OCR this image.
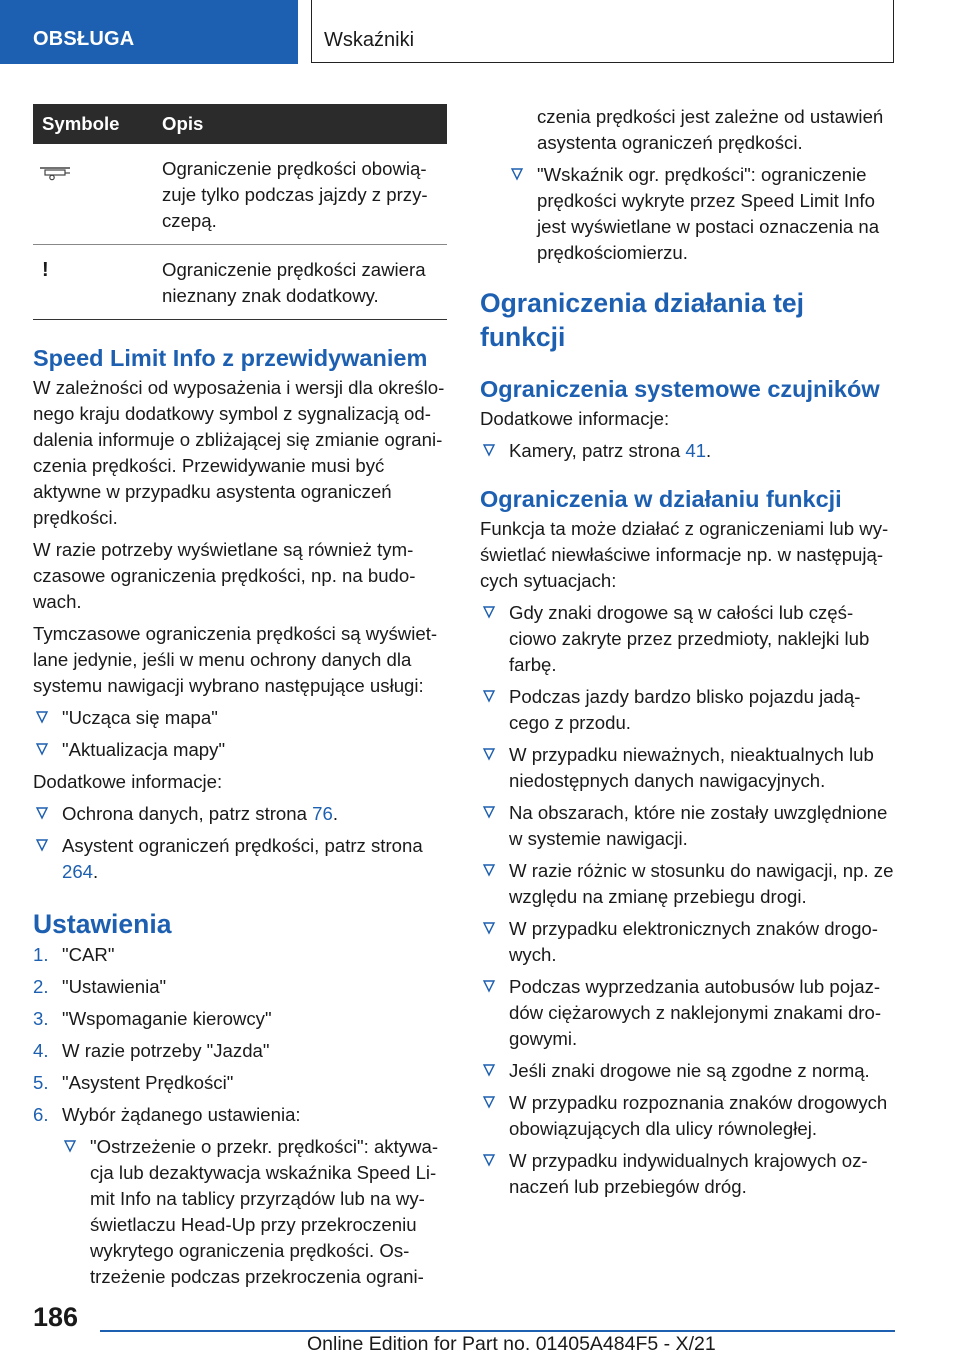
OBSŁUGA	Wskaźniki
Symbole	Opis
	Ograniczenie prędkości obowią- zuje tylko podczas jajzdy z przy- czepą.
!	Ograniczenie prędkości zawiera nieznany znak dodatkowy.
Speed Limit Info z przewidywaniem

W zależności od wyposażenia i wersji dla określo- nego kraju dodatkowy symbol z sygnalizacją od- dalenia informuje o zbliżającej się zmianie ograni- czenia prędkości. Przewidywanie musi być aktywne w przypadku asystenta ograniczeń prędkości.

W razie potrzeby wyświetlane są również tym- czasowe ograniczenia prędkości, np. na budo- wach.

Tymczasowe ograniczenia prędkości są wyświet- lane jedynie, jeśli w menu ochrony danych dla systemu nawigacji wybrano następujące usługi:

"Ucząca się mapa"
"Aktualizacja mapy"

Dodatkowe informacje:

Ochrona danych, patrz strona 76.
Asystent ograniczeń prędkości, patrz strona 264.
Ustawienia
1. "CAR"
2. "Ustawienia"
3. "Wspomaganie kierowcy"
4. W razie potrzeby "Jazda"
5. "Asystent Prędkości"
6. Wybór żądanego ustawienia:
"Ostrzeżenie o przekr. prędkości": aktywa- cja lub dezaktywacja wskaźnika Speed Li- mit Info na tablicy przyrządów lub na wy- świetlaczu Head-Up przy przekroczeniu wykrytego ograniczenia prędkości. Os- trzeżenie podczas przekroczenia ograni-
czenia prędkości jest zależne od ustawień asystenta ograniczeń prędkości.
"Wskaźnik ogr. prędkości": ograniczenie prędkości wykryte przez Speed Limit Info jest wyświetlane w postaci oznaczenia na prędkościomierzu.
Ograniczenia działania tej funkcji
Ograniczenia systemowe czujników

Dodatkowe informacje:

Kamery, patrz strona 41.
Ograniczenia w działaniu funkcji

Funkcja ta może działać z ograniczeniami lub wy- świetlać niewłaściwe informacje np. w następują- cych sytuacjach:

Gdy znaki drogowe są w całości lub częś- ciowo zakryte przez przedmioty, naklejki lub farbę.
Podczas jazdy bardzo blisko pojazdu jadą- cego z przodu.
W przypadku nieważnych, nieaktualnych lub niedostępnych danych nawigacyjnych.
Na obszarach, które nie zostały uwzględnione w systemie nawigacji.
W razie różnic w stosunku do nawigacji, np. ze względu na zmianę przebiegu drogi.
W przypadku elektronicznych znaków drogo- wych.
Podczas wyprzedzania autobusów lub pojaz- dów ciężarowych z naklejonymi znakami dro- gowymi.
Jeśli znaki drogowe nie są zgodne z normą.
W przypadku rozpoznania znaków drogowych obowiązujących dla ulicy równoległej.
W przypadku indywidualnych krajowych oz- naczeń lub przebiegów dróg.
186
Online Edition for Part no. 01405A484F5 - X/21
